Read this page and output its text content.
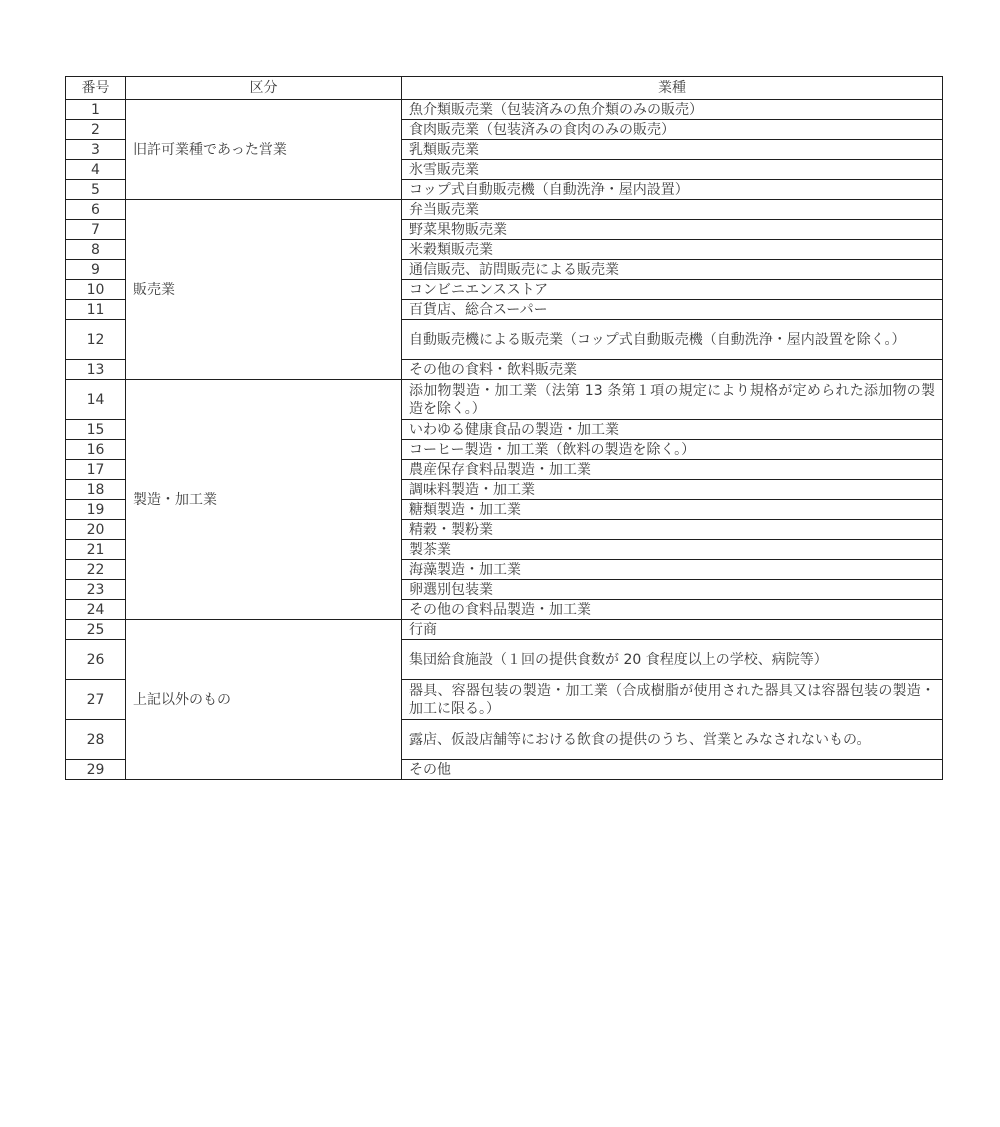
番号	区分	業種
1	旧許可業種であった営業	魚介類販売業（包装済みの魚介類のみの販売）
2		食肉販売業（包装済みの食肉のみの販売）
3		乳類販売業
4		氷雪販売業
5		コップ式自動販売機（自動洗浄・屋内設置）
6	販売業	弁当販売業
7		野菜果物販売業
8		米穀類販売業
9		通信販売、訪問販売による販売業
10		コンビニエンスストア
11		百貨店、総合スーパー
12		自動販売機による販売業（コップ式自動販売機（自動洗浄・屋内設置を除く。）
13		その他の食料・飲料販売業
14	製造・加工業	添加物製造・加工業（法第 13 条第１項の規定により規格が定められた添加物の製造を除く。）
15		いわゆる健康食品の製造・加工業
16		コーヒー製造・加工業（飲料の製造を除く。）
17		農産保存食料品製造・加工業
18		調味料製造・加工業
19		糖類製造・加工業
20		精穀・製粉業
21		製茶業
22		海藻製造・加工業
23		卵選別包装業
24		その他の食料品製造・加工業
25	上記以外のもの	行商
26		集団給食施設（１回の提供食数が 20 食程度以上の学校、病院等）
27		器具、容器包装の製造・加工業（合成樹脂が使用された器具又は容器包装の製造・加工に限る。）
28		露店、仮設店舗等における飲食の提供のうち、営業とみなされないもの。
29		その他
